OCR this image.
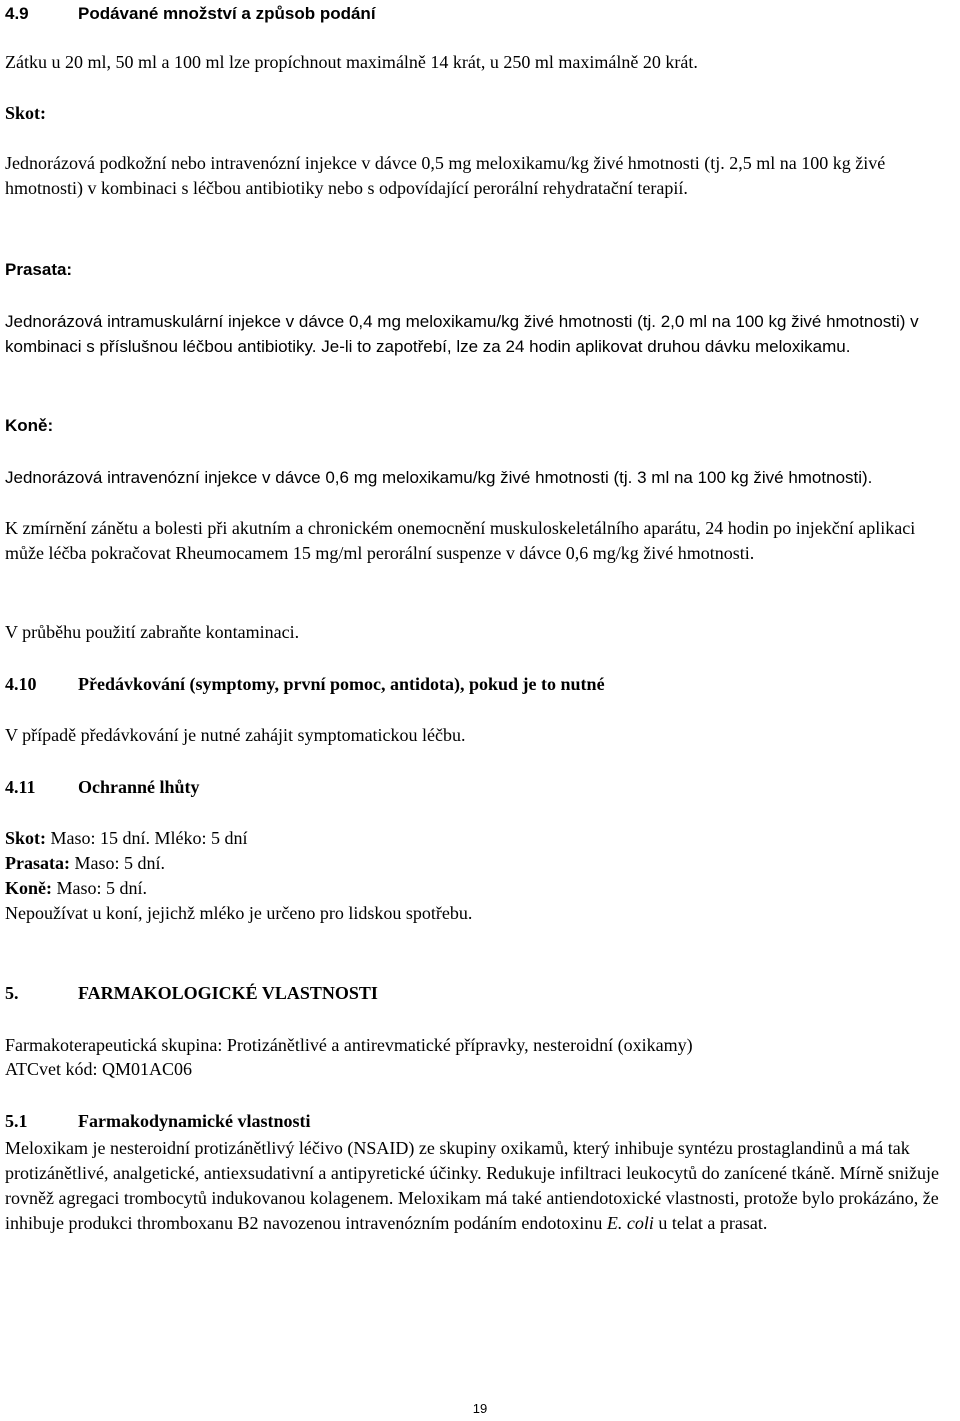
4.9	Podávané množství a způsob podání

Zátku u 20 ml, 50 ml a 100 ml lze propíchnout maximálně 14 krát, u 250 ml maximálně 20 krát.

Skot:

Jednorázová podkožní nebo intravenózní injekce v dávce 0,5 mg meloxikamu/kg živé hmotnosti (tj. 2,5 ml na 100 kg živé hmotnosti) v kombinaci s léčbou antibiotiky nebo s odpovídající perorální rehydratační terapií.

Prasata:

Jednorázová intramuskulární injekce v dávce 0,4 mg meloxikamu/kg živé hmotnosti (tj. 2,0 ml na 100 kg živé hmotnosti) v kombinaci s příslušnou léčbou antibiotiky. Je-li to zapotřebí, lze za 24 hodin aplikovat druhou dávku meloxikamu.

Koně:

Jednorázová intravenózní injekce v dávce 0,6 mg meloxikamu/kg živé hmotnosti (tj. 3 ml na 100 kg živé hmotnosti).

K zmírnění zánětu a bolesti při akutním a chronickém onemocnění muskuloskeletálního aparátu, 24 hodin po injekční aplikaci může léčba pokračovat Rheumocamem 15 mg/ml perorální suspenze v dávce 0,6 mg/kg živé hmotnosti.

V průběhu použití zabraňte kontaminaci.

4.10	Předávkování (symptomy, první pomoc, antidota), pokud je to nutné

V případě předávkování je nutné zahájit symptomatickou léčbu.

4.11	Ochranné lhůty

Skot: Maso: 15 dní. Mléko: 5 dní

Prasata: Maso: 5 dní.

Koně: Maso: 5 dní.

Nepoužívat u koní, jejichž mléko je určeno pro lidskou spotřebu.

5.	FARMAKOLOGICKÉ VLASTNOSTI

Farmakoterapeutická skupina: Protizánětlivé a antirevmatické přípravky, nesteroidní (oxikamy)

ATCvet kód: QM01AC06

5.1	Farmakodynamické vlastnosti

Meloxikam je nesteroidní protizánětlivý léčivo (NSAID) ze skupiny oxikamů, který inhibuje syntézu prostaglandinů a má tak protizánětlivé, analgetické, antiexsudativní a antipyretické účinky. Redukuje infiltraci leukocytů do zanícené tkáně. Mírně snižuje rovněž agregaci trombocytů indukovanou kolagenem. Meloxikam má také antiendotoxické vlastnosti, protože bylo prokázáno, že inhibuje produkci thromboxanu B2 navozenou intravenózním podáním endotoxinu E. coli u telat a prasat.

19
